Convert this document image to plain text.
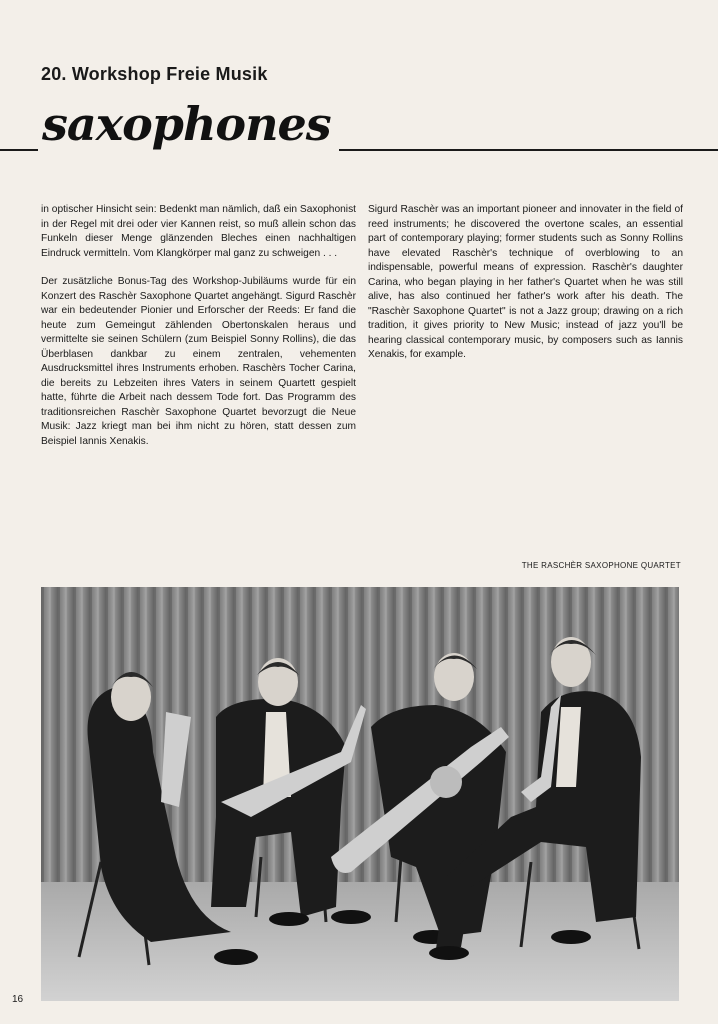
20. Workshop Freie Musik
saxophones

in optischer Hinsicht sein: Bedenkt man nämlich, daß ein Saxophonist in der Regel mit drei oder vier Kannen reist, so muß allein schon das Funkeln dieser Menge glänzenden Bleches einen nachhaltigen Eindruck vermitteln. Vom Klangkörper mal ganz zu schweigen . . .

Der zusätzliche Bonus-Tag des Workshop-Jubiläums wurde für ein Konzert des Raschèr Saxophone Quartet angehängt. Sigurd Raschèr war ein bedeutender Pionier und Erforscher der Reeds: Er fand die heute zum Gemeingut zählenden Obertonskalen heraus und vermittelte sie seinen Schülern (zum Beispiel Sonny Rollins), die das Überblasen dankbar zu einem zentralen, vehementen Ausdrucksmittel ihres Instruments erhoben. Raschèrs Tocher Carina, die bereits zu Lebzeiten ihres Vaters in seinem Quartett gespielt hatte, führte die Arbeit nach dessem Tode fort. Das Programm des traditionsreichen Raschèr Saxophone Quartet bevorzugt die Neue Musik: Jazz kriegt man bei ihm nicht zu hören, statt dessen zum Beispiel Iannis Xenakis.

Sigurd Raschèr was an important pioneer and innovater in the field of reed instruments; he discovered the overtone scales, an essential part of contemporary playing; former students such as Sonny Rollins have elevated Raschèr's technique of overblowing to an indispensable, powerful means of expression. Raschèr's daughter Carina, who began playing in her father's Quartet when he was still alive, has also continued her father's work after his death. The "Raschèr Saxophone Quartet" is not a Jazz group; drawing on a rich tradition, it gives priority to New Music; instead of jazz you'll be hearing classical contemporary music, by composers such as Iannis Xenakis, for example.

THE RASCHÈR SAXOPHONE QUARTET
16
